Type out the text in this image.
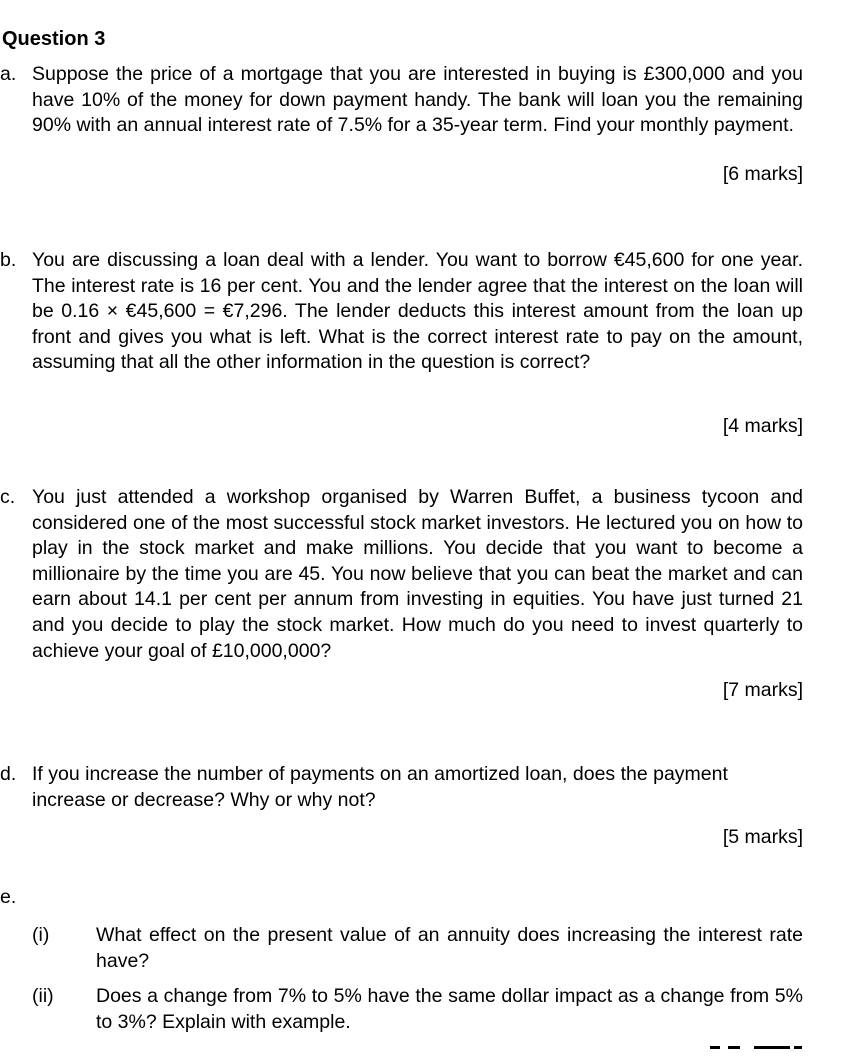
Question 3
a. Suppose the price of a mortgage that you are interested in buying is £300,000 and you have 10% of the money for down payment handy. The bank will loan you the remaining 90% with an annual interest rate of 7.5% for a 35-year term. Find your monthly payment.
[6 marks]
b. You are discussing a loan deal with a lender. You want to borrow €45,600 for one year. The interest rate is 16 per cent. You and the lender agree that the interest on the loan will be 0.16 × €45,600 = €7,296. The lender deducts this interest amount from the loan up front and gives you what is left. What is the correct interest rate to pay on the amount, assuming that all the other information in the question is correct?
[4 marks]
c. You just attended a workshop organised by Warren Buffet, a business tycoon and considered one of the most successful stock market investors. He lectured you on how to play in the stock market and make millions. You decide that you want to become a millionaire by the time you are 45. You now believe that you can beat the market and can earn about 14.1 per cent per annum from investing in equities. You have just turned 21 and you decide to play the stock market. How much do you need to invest quarterly to achieve your goal of £10,000,000?
[7 marks]
d. If you increase the number of payments on an amortized loan, does the payment increase or decrease? Why or why not?
[5 marks]
e.
(i) What effect on the present value of an annuity does increasing the interest rate have?
(ii) Does a change from 7% to 5% have the same dollar impact as a change from 5% to 3%? Explain with example.
